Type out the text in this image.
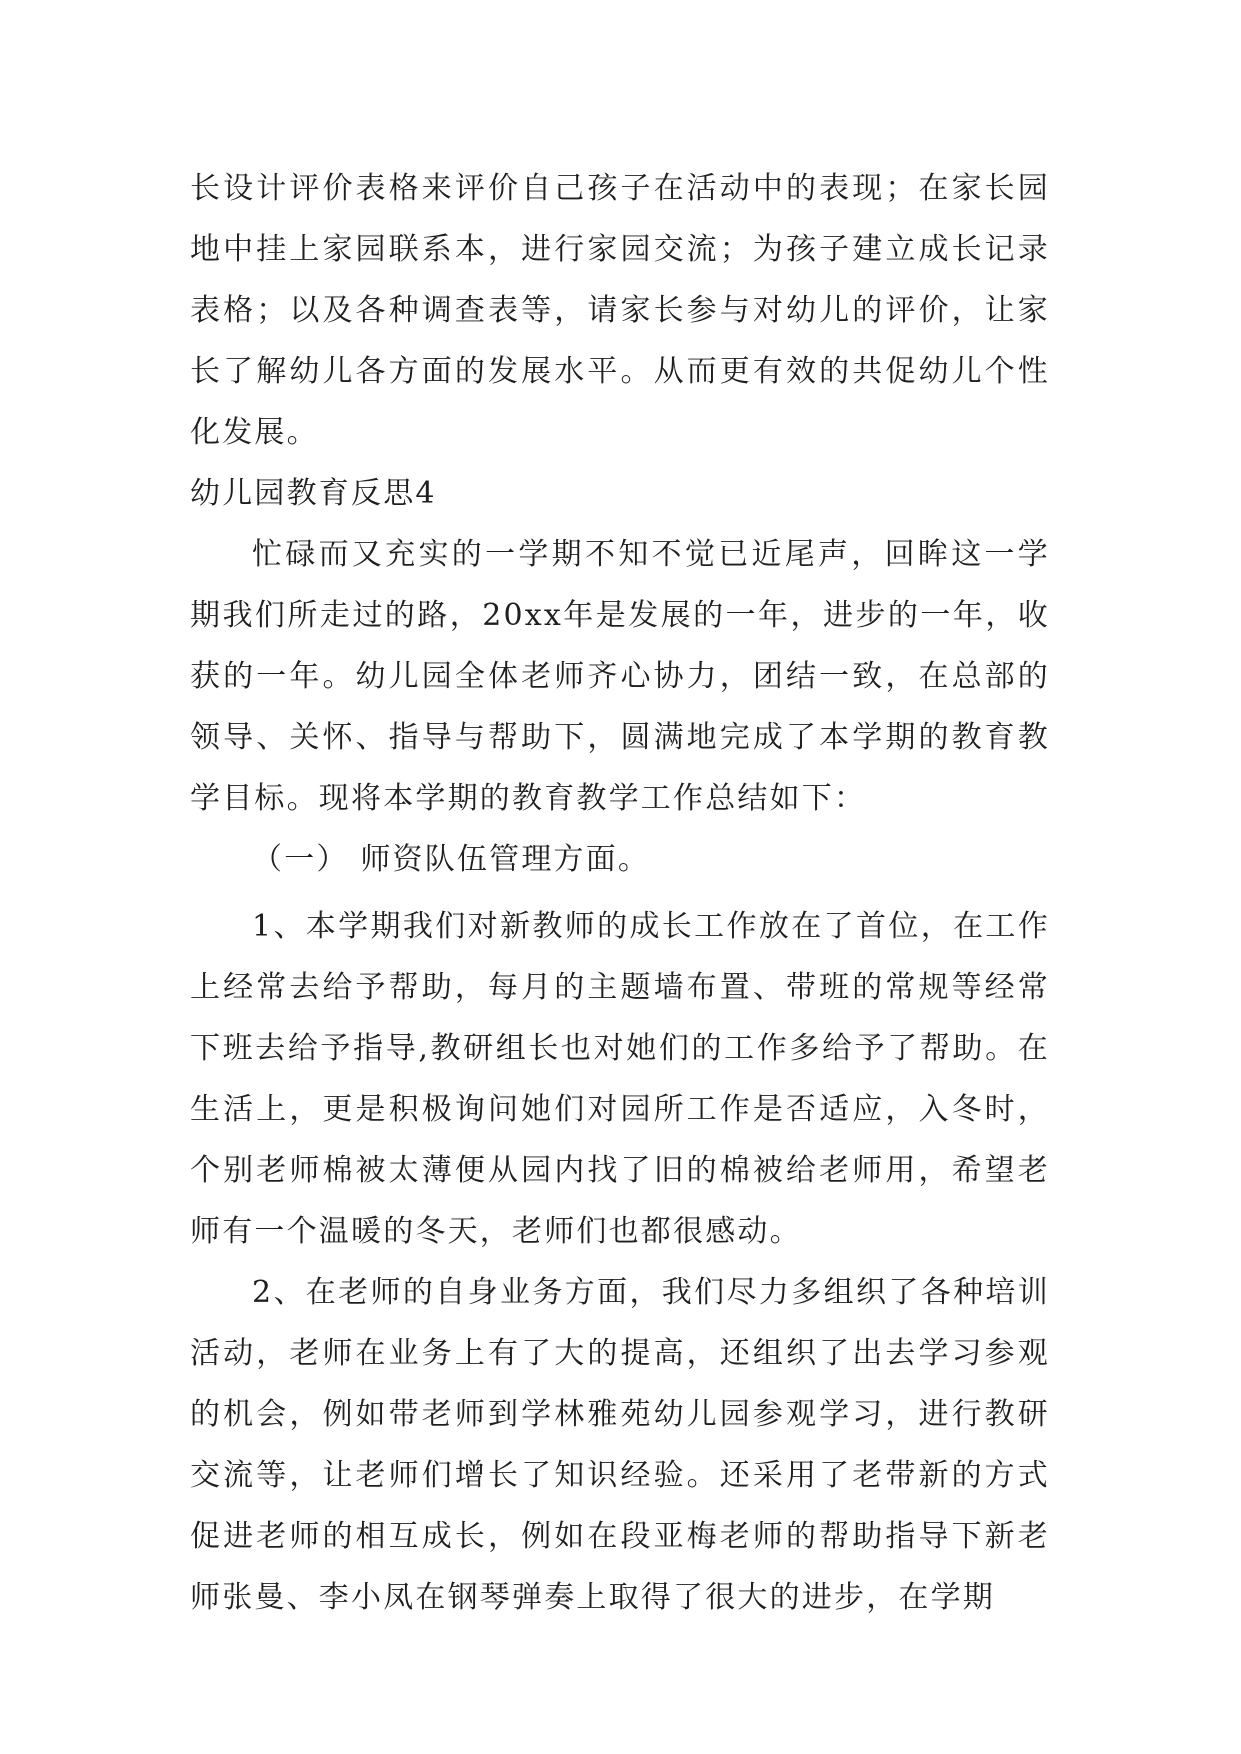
长设计评价表格来评价自己孩子在活动中的表现；在家长园地中挂上家园联系本，进行家园交流；为孩子建立成长记录表格；以及各种调查表等，请家长参与对幼儿的评价，让家长了解幼儿各方面的发展水平。从而更有效的共促幼儿个性化发展。

幼儿园教育反思4

忙碌而又充实的一学期不知不觉已近尾声，回眸这一学期我们所走过的路，20xx年是发展的一年，进步的一年，收获的一年。幼儿园全体老师齐心协力，团结一致，在总部的领导、关怀、指导与帮助下，圆满地完成了本学期的教育教学目标。现将本学期的教育教学工作总结如下：

（一） 师资队伍管理方面。

1、本学期我们对新教师的成长工作放在了首位，在工作上经常去给予帮助，每月的主题墙布置、带班的常规等经常下班去给予指导,教研组长也对她们的工作多给予了帮助。在生活上，更是积极询问她们对园所工作是否适应，入冬时，个别老师棉被太薄便从园内找了旧的棉被给老师用，希望老师有一个温暖的冬天，老师们也都很感动。

2、在老师的自身业务方面，我们尽力多组织了各种培训活动，老师在业务上有了大的提高，还组织了出去学习参观的机会，例如带老师到学林雅苑幼儿园参观学习，进行教研交流等，让老师们增长了知识经验。还采用了老带新的方式促进老师的相互成长，例如在段亚梅老师的帮助指导下新老师张曼、李小凤在钢琴弹奏上取得了很大的进步，在学期
